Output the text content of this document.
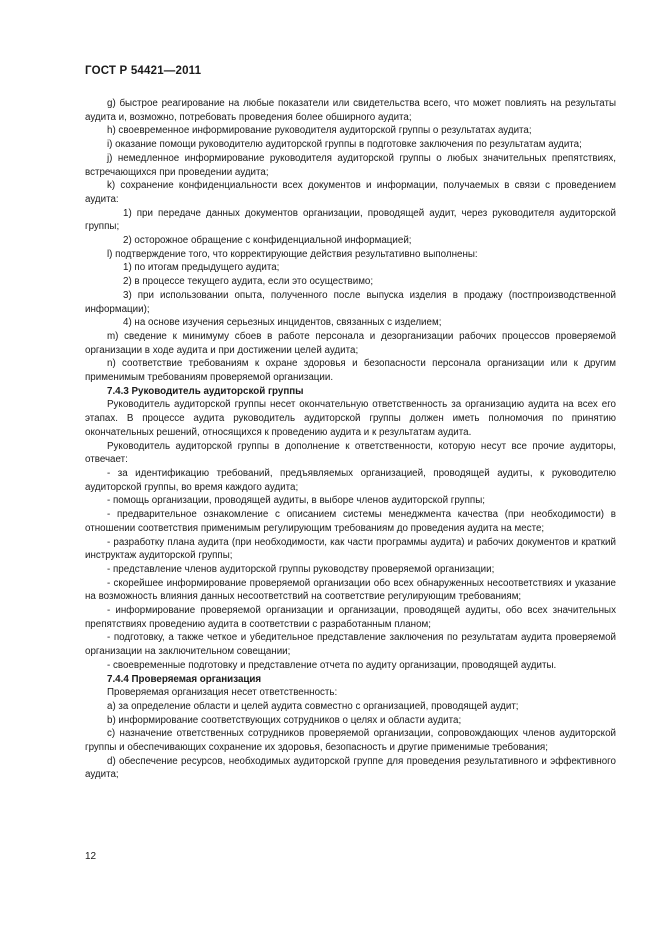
ГОСТ Р 54421—2011

g) быстрое реагирование на любые показатели или свидетельства всего, что может повлиять на результаты аудита и, возможно, потребовать проведения более обширного аудита;

h) своевременное информирование руководителя аудиторской группы о результатах аудита;

i) оказание помощи руководителю аудиторской группы в подготовке заключения по результатам аудита;

j) немедленное информирование руководителя аудиторской группы о любых значительных препятствиях, встречающихся при проведении аудита;

k) сохранение конфиденциальности всех документов и информации, получаемых в связи с проведением аудита:

1) при передаче данных документов организации, проводящей аудит, через руководителя аудиторской группы;

2) осторожное обращение с конфиденциальной информацией;

l) подтверждение того, что корректирующие действия результативно выполнены:

1) по итогам предыдущего аудита;

2) в процессе текущего аудита, если это осуществимо;

3) при использовании опыта, полученного после выпуска изделия в продажу (постпроизводственной информации);

4) на основе изучения серьезных инцидентов, связанных с изделием;

m) сведение к минимуму сбоев в работе персонала и дезорганизации рабочих процессов проверяемой организации в ходе аудита и при достижении целей аудита;

n) соответствие требованиям к охране здоровья и безопасности персонала организации или к другим применимым требованиям проверяемой организации.

7.4.3 Руководитель аудиторской группы

Руководитель аудиторской группы несет окончательную ответственность за организацию аудита на всех его этапах. В процессе аудита руководитель аудиторской группы должен иметь полномочия по принятию окончательных решений, относящихся к проведению аудита и к результатам аудита.

Руководитель аудиторской группы в дополнение к ответственности, которую несут все прочие аудиторы, отвечает:

- за идентификацию требований, предъявляемых организацией, проводящей аудиты, к руководителю аудиторской группы, во время каждого аудита;

- помощь организации, проводящей аудиты, в выборе членов аудиторской группы;

- предварительное ознакомление с описанием системы менеджмента качества (при необходимости) в отношении соответствия применимым регулирующим требованиям до проведения аудита на месте;

- разработку плана аудита (при необходимости, как части программы аудита) и рабочих документов и краткий инструктаж аудиторской группы;

- представление членов аудиторской группы руководству проверяемой организации;

- скорейшее информирование проверяемой организации обо всех обнаруженных несоответствиях и указание на возможность влияния данных несоответствий на соответствие регулирующим требованиям;

- информирование проверяемой организации и организации, проводящей аудиты, обо всех значительных препятствиях проведению аудита в соответствии с разработанным планом;

- подготовку, а также четкое и убедительное представление заключения по результатам аудита проверяемой организации на заключительном совещании;

- своевременные подготовку и представление отчета по аудиту организации, проводящей аудиты.

7.4.4 Проверяемая организация

Проверяемая организация несет ответственность:

a) за определение области и целей аудита совместно с организацией, проводящей аудит;

b) информирование соответствующих сотрудников о целях и области аудита;

c) назначение ответственных сотрудников проверяемой организации, сопровождающих членов аудиторской группы и обеспечивающих сохранение их здоровья, безопасность и другие применимые требования;

d) обеспечение ресурсов, необходимых аудиторской группе для проведения результативного и эффективного аудита;

12
